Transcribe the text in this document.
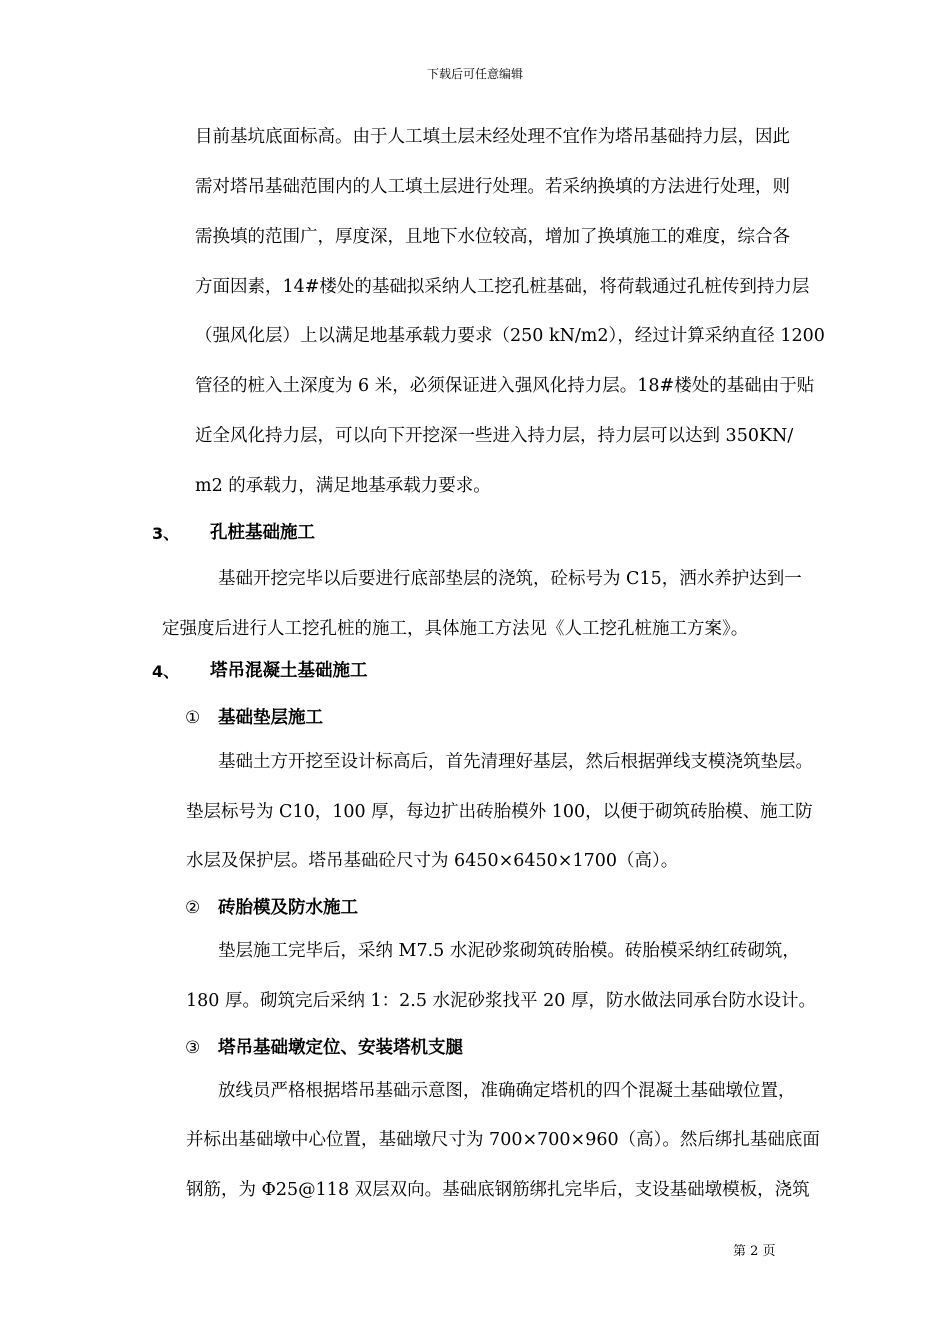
下载后可任意编辑
目前基坑底面标高。由于人工填土层未经处理不宜作为塔吊基础持力层，因此
需对塔吊基础范围内的人工填土层进行处理。若采纳换填的方法进行处理，则
需换填的范围广，厚度深，且地下水位较高，增加了换填施工的难度，综合各
方面因素，14#楼处的基础拟采纳人工挖孔桩基础，将荷载通过孔桩传到持力层
（强风化层）上以满足地基承载力要求（250 kN/m2），经过计算采纳直径 1200
管径的桩入土深度为 6 米，必须保证进入强风化持力层。18#楼处的基础由于贴
近全风化持力层，可以向下开挖深一些进入持力层，持力层可以达到 350KN/
m2 的承载力，满足地基承载力要求。
3、 孔桩基础施工
基础开挖完毕以后要进行底部垫层的浇筑，砼标号为 C15，洒水养护达到一
定强度后进行人工挖孔桩的施工，具体施工方法见《人工挖孔桩施工方案》。
4、 塔吊混凝土基础施工
① 基础垫层施工
基础土方开挖至设计标高后，首先清理好基层，然后根据弹线支模浇筑垫层。
垫层标号为 C10，100 厚，每边扩出砖胎模外 100，以便于砌筑砖胎模、施工防
水层及保护层。塔吊基础砼尺寸为 6450×6450×1700（高）。
② 砖胎模及防水施工
垫层施工完毕后，采纳 M7.5 水泥砂浆砌筑砖胎模。砖胎模采纳红砖砌筑，
180 厚。砌筑完后采纳 1：2.5 水泥砂浆找平 20 厚，防水做法同承台防水设计。
③ 塔吊基础墩定位、安装塔机支腿
放线员严格根据塔吊基础示意图，准确确定塔机的四个混凝土基础墩位置，
并标出基础墩中心位置，基础墩尺寸为 700×700×960（高）。然后绑扎基础底面
钢筋，为 Φ25@118 双层双向。基础底钢筋绑扎完毕后，支设基础墩模板，浇筑
第 2 页
